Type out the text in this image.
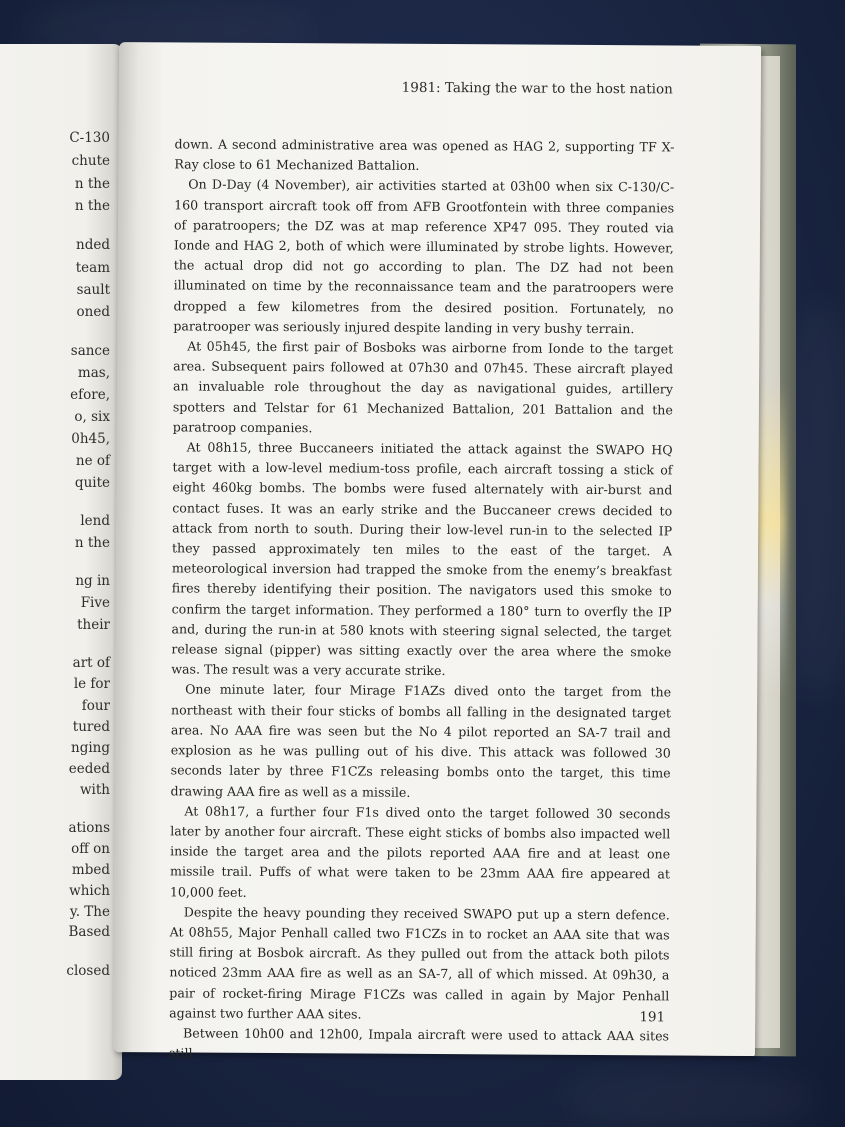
C-130
chute
n the
n the
nded
team
sault
oned
sance
mas,
efore,
o, six
0h45,
ne of
quite
lend
n the
ng in
Five
their
art of
le for
four
tured
nging
eeded
with
ations
off on
mbed
which
y. The
Based
closed
1981: Taking the war to the host nation

down. A second administrative area was opened as HAG 2, supporting TF X-Ray close to 61 Mechanized Battalion.

On D-Day (4 November), air activities started at 03h00 when six C-130/C-160 transport aircraft took off from AFB Grootfontein with three companies of paratroopers; the DZ was at map reference XP47 095. They routed via Ionde and HAG 2, both of which were illuminated by strobe lights. However, the actual drop did not go according to plan. The DZ had not been illuminated on time by the reconnaissance team and the paratroopers were dropped a few kilometres from the desired position. Fortunately, no paratrooper was seriously injured despite landing in very bushy terrain.

At 05h45, the first pair of Bosboks was airborne from Ionde to the target area. Subsequent pairs followed at 07h30 and 07h45. These aircraft played an invaluable role throughout the day as navigational guides, artillery spotters and Telstar for 61 Mechanized Battalion, 201 Battalion and the paratroop companies.

At 08h15, three Buccaneers initiated the attack against the SWAPO HQ target with a low-level medium-toss profile, each aircraft tossing a stick of eight 460kg bombs. The bombs were fused alternately with air-burst and contact fuses. It was an early strike and the Buccaneer crews decided to attack from north to south. During their low-level run-in to the selected IP they passed approximately ten miles to the east of the target. A meteorological inversion had trapped the smoke from the enemy’s breakfast fires thereby identifying their position. The navigators used this smoke to confirm the target information. They performed a 180° turn to overfly the IP and, during the run-in at 580 knots with steering signal selected, the target release signal (pipper) was sitting exactly over the area where the smoke was. The result was a very accurate strike.

One minute later, four Mirage F1AZs dived onto the target from the northeast with their four sticks of bombs all falling in the designated target area. No AAA fire was seen but the No 4 pilot reported an SA-7 trail and explosion as he was pulling out of his dive. This attack was followed 30 seconds later by three F1CZs releasing bombs onto the target, this time drawing AAA fire as well as a missile.

At 08h17, a further four F1s dived onto the target followed 30 seconds later by another four aircraft. These eight sticks of bombs also impacted well inside the target area and the pilots reported AAA fire and at least one missile trail. Puffs of what were taken to be 23mm AAA fire appeared at 10,000 feet.

Despite the heavy pounding they received SWAPO put up a stern defence. At 08h55, Major Penhall called two F1CZs in to rocket an AAA site that was still firing at Bosbok aircraft. As they pulled out from the attack both pilots noticed 23mm AAA fire as well as an SA-7, all of which missed. At 09h30, a pair of rocket-firing Mirage F1CZs was called in again by Major Penhall against two further AAA sites.

Between 10h00 and 12h00, Impala aircraft were used to attack AAA sites still

191
